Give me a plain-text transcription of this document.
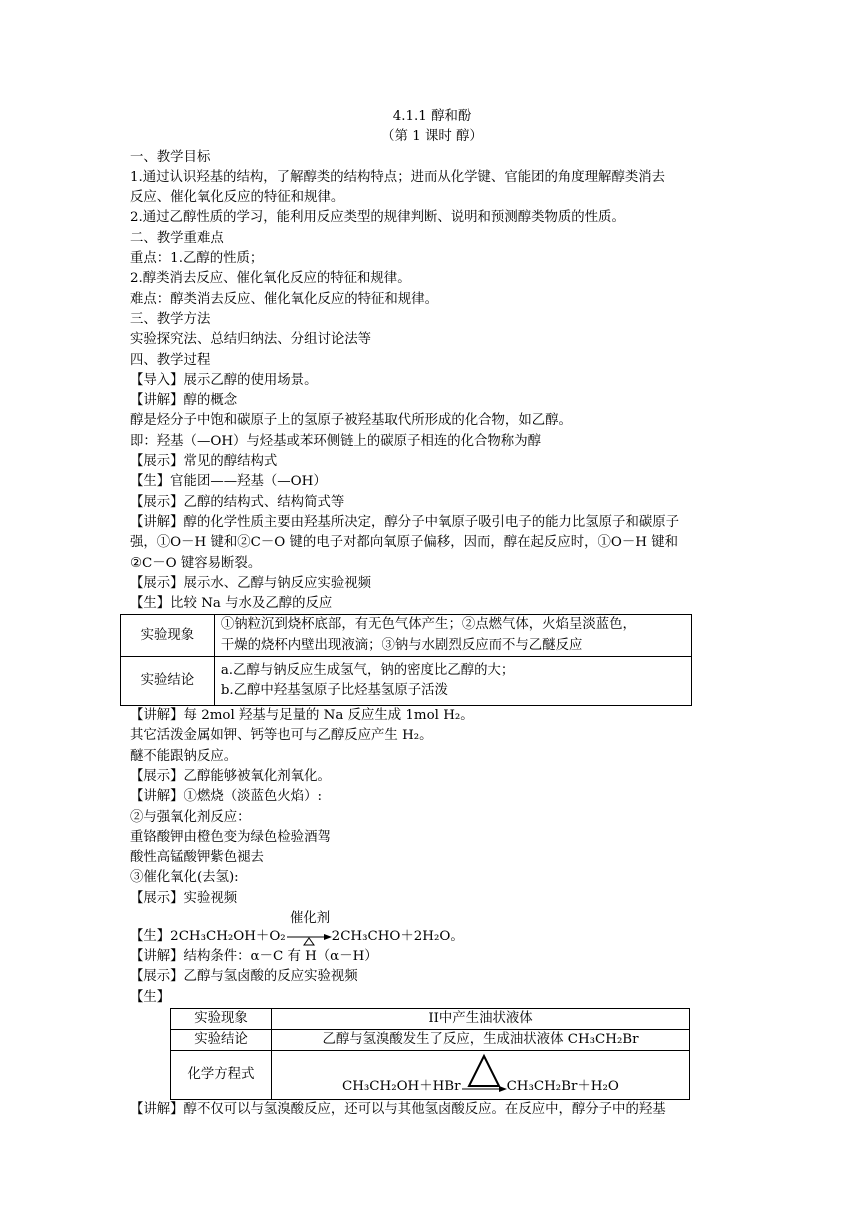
4.1.1 醇和酚
（第 1 课时 醇）
一、教学目标
1.通过认识羟基的结构，了解醇类的结构特点；进而从化学键、官能团的角度理解醇类消去
反应、催化氧化反应的特征和规律。
2.通过乙醇性质的学习，能利用反应类型的规律判断、说明和预测醇类物质的性质。
二、教学重难点
重点：1.乙醇的性质；
2.醇类消去反应、催化氧化反应的特征和规律。
难点：醇类消去反应、催化氧化反应的特征和规律。
三、教学方法
实验探究法、总结归纳法、分组讨论法等
四、教学过程
【导入】展示乙醇的使用场景。
【讲解】醇的概念
醇是烃分子中饱和碳原子上的氢原子被羟基取代所形成的化合物，如乙醇。
即：羟基（—OH）与烃基或苯环侧链上的碳原子相连的化合物称为醇
【展示】常见的醇结构式
【生】官能团——羟基（—OH）
【展示】乙醇的结构式、结构简式等
【讲解】醇的化学性质主要由羟基所决定，醇分子中氧原子吸引电子的能力比氢原子和碳原子
强，①O－H 键和②C－O 键的电子对都向氧原子偏移，因而，醇在起反应时，①O－H 键和
②C－O 键容易断裂。
【展示】展示水、乙醇与钠反应实验视频
【生】比较 Na 与水及乙醇的反应
实验现象	①钠粒沉到烧杯底部，有无色气体产生；②点燃气体，火焰呈淡蓝色，
干燥的烧杯内壁出现液滴；③钠与水剧烈反应而不与乙醚反应

实验结论	a.乙醇与钠反应生成氢气，钠的密度比乙醇的大；
b.乙醇中羟基氢原子比烃基氢原子活泼
【讲解】每 2mol 羟基与足量的 Na 反应生成 1mol H₂。
其它活泼金属如钾、钙等也可与乙醇反应产生 H₂。
醚不能跟钠反应。
【展示】乙醇能够被氧化剂氧化。
【讲解】①燃烧（淡蓝色火焰）:
②与强氧化剂反应：
重铬酸钾由橙色变为绿色检验酒驾
酸性高锰酸钾紫色褪去
③催化氧化(去氢):
【展示】实验视频
催化剂
【生】2CH₃CH₂OH＋O₂→2CH₃CHO＋2H₂O。
【讲解】结构条件：α－C 有 H（α－H）
【展示】乙醇与氢卤酸的反应实验视频
【生】
实验现象	II中产生油状液体
实验结论	乙醇与氢溴酸发生了反应，生成油状液体 CH₃CH₂Br
化学方程式	CH₃CH₂OH＋HBr CH₃CH₂Br＋H₂O
【讲解】醇不仅可以与氢溴酸反应，还可以与其他氢卤酸反应。在反应中，醇分子中的羟基
